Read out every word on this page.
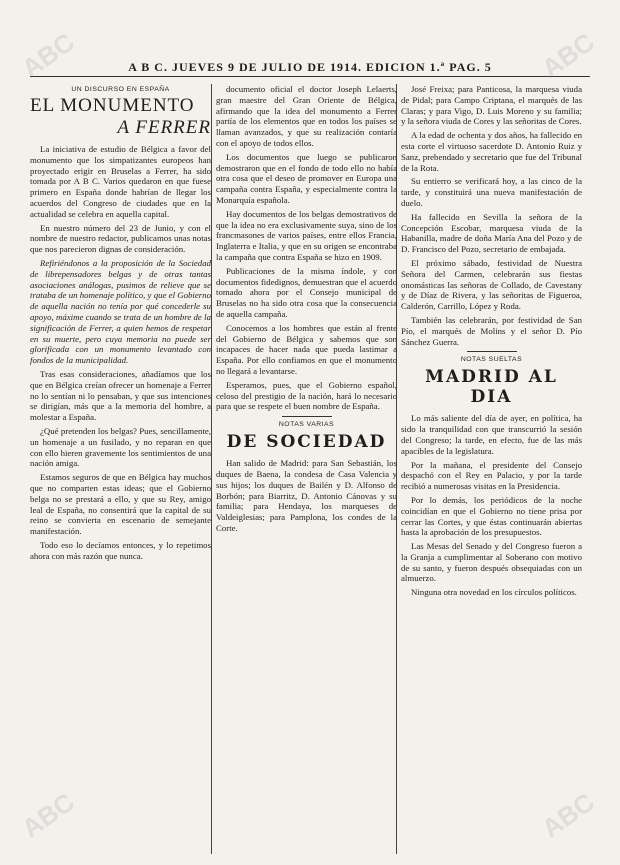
A B C. JUEVES 9 DE JULIO DE 1914. EDICION 1.ª PAG. 5
UN DISCURSO EN ESPAÑA
EL MONUMENTO
A FERRER

La iniciativa de estudio de Bélgica a favor del monumento que los simpatizantes europeos han proyectado erigir en Bruselas a Ferrer, ha sido tomada por A B C. Varios quedaron en que fuese primero en España donde habrían de llegar los acuerdos del Congreso de ciudades que en la actualidad se celebra en aquella capital.

En nuestro número del 23 de Junio, y con el nombre de nuestro redactor, publicamos unas notas que nos parecieron dignas de consideración.

Refiriéndonos a la proposición de la Sociedad de librepensadores belgas y de otras tantas asociaciones análogas, pusimos de relieve que se trataba de un homenaje político, y que el Gobierno de aquella nación no tenía por qué concederle su apoyo, máxime cuando se trata de un hombre de la significación de Ferrer, a quien hemos de respetar en su muerte, pero cuya memoria no puede ser glorificada con un monumento levantado con fondos de la municipalidad.

Tras esas consideraciones, añadíamos que los que en Bélgica creían ofrecer un homenaje a Ferrer no lo sentían ni lo pensaban, y que sus intenciones se dirigían, más que a la memoria del hombre, a molestar a España.

¿Qué pretenden los belgas? Pues, sencillamente, un homenaje a un fusilado, y no reparan en que con ello hieren gravemente los sentimientos de una nación amiga.

Estamos seguros de que en Bélgica hay muchos que no comparten estas ideas; que el Gobierno belga no se prestará a ello, y que su Rey, amigo leal de España, no consentirá que la capital de su reino se convierta en escenario de semejante manifestación.

Todo eso lo decíamos entonces, y lo repetimos ahora con más razón que nunca.

documento oficial el doctor Joseph Lelaerts, gran maestre del Gran Oriente de Bélgica, afirmando que la idea del monumento a Ferrer partía de los elementos que en todos los países se llaman avanzados, y que su realización contaría con el apoyo de todos ellos.

Los documentos que luego se publicaron demostraron que en el fondo de todo ello no había otra cosa que el deseo de promover en Europa una campaña contra España, y especialmente contra la Monarquía española.

Hay documentos de los belgas demostrativos de que la idea no era exclusivamente suya, sino de los francmasones de varios países, entre ellos Francia, Inglaterra e Italia, y que en su origen se encontraba la campaña que contra España se hizo en 1909.

Publicaciones de la misma índole, y con documentos fidedignos, demuestran que el acuerdo tomado ahora por el Consejo municipal de Bruselas no ha sido otra cosa que la consecuencia de aquella campaña.

Conocemos a los hombres que están al frente del Gobierno de Bélgica y sabemos que son incapaces de hacer nada que pueda lastimar a España. Por ello confiamos en que el monumento no llegará a levantarse.

Esperamos, pues, que el Gobierno español, celoso del prestigio de la nación, hará lo necesario para que se respete el buen nombre de España.

NOTAS VARIAS
DE SOCIEDAD

Han salido de Madrid: para San Sebastián, los duques de Baena, la condesa de Casa Valencia y sus hijos; los duques de Bailén y D. Alfonso de Borbón; para Biarritz, D. Antonio Cánovas y su familia; para Hendaya, los marqueses de Valdeiglesias; para Pamplona, los condes de la Corte.

José Freixa; para Panticosa, la marquesa viuda de Pidal; para Campo Criptana, el marqués de las Claras; y para Vigo, D. Luis Moreno y su familia; y la señora viuda de Cores y las señoritas de Cores.

A la edad de ochenta y dos años, ha fallecido en esta corte el virtuoso sacerdote D. Antonio Ruiz y Sanz, prebendado y secretario que fue del Tribunal de la Rota.

Su entierro se verificará hoy, a las cinco de la tarde, y constituirá una nueva manifestación de duelo.

Ha fallecido en Sevilla la señora de la Concepción Escobar, marquesa viuda de la Habanilla, madre de doña María Ana del Pozo y de D. Francisco del Pozo, secretario de embajada.

El próximo sábado, festividad de Nuestra Señora del Carmen, celebrarán sus fiestas onomásticas las señoras de Collado, de Cavestany y de Díaz de Rivera, y las señoritas de Figueroa, Calderón, Carrillo, López y Roda.

También las celebrarán, por festividad de San Pío, el marqués de Molins y el señor D. Pío Sánchez Guerra.

NOTAS SUELTAS
MADRID AL DIA

Lo más saliente del día de ayer, en política, ha sido la tranquilidad con que transcurrió la sesión del Congreso; la tarde, en efecto, fue de las más apacibles de la legislatura.

Por la mañana, el presidente del Consejo despachó con el Rey en Palacio, y por la tarde recibió a numerosas visitas en la Presidencia.

Por lo demás, los periódicos de la noche coincidían en que el Gobierno no tiene prisa por cerrar las Cortes, y que éstas continuarán abiertas hasta la aprobación de los presupuestos.

Las Mesas del Senado y del Congreso fueron a la Granja a cumplimentar al Soberano con motivo de su santo, y fueron después obsequiadas con un almuerzo.

Ninguna otra novedad en los círculos políticos.

ABC	ABC
ABC	ABC
